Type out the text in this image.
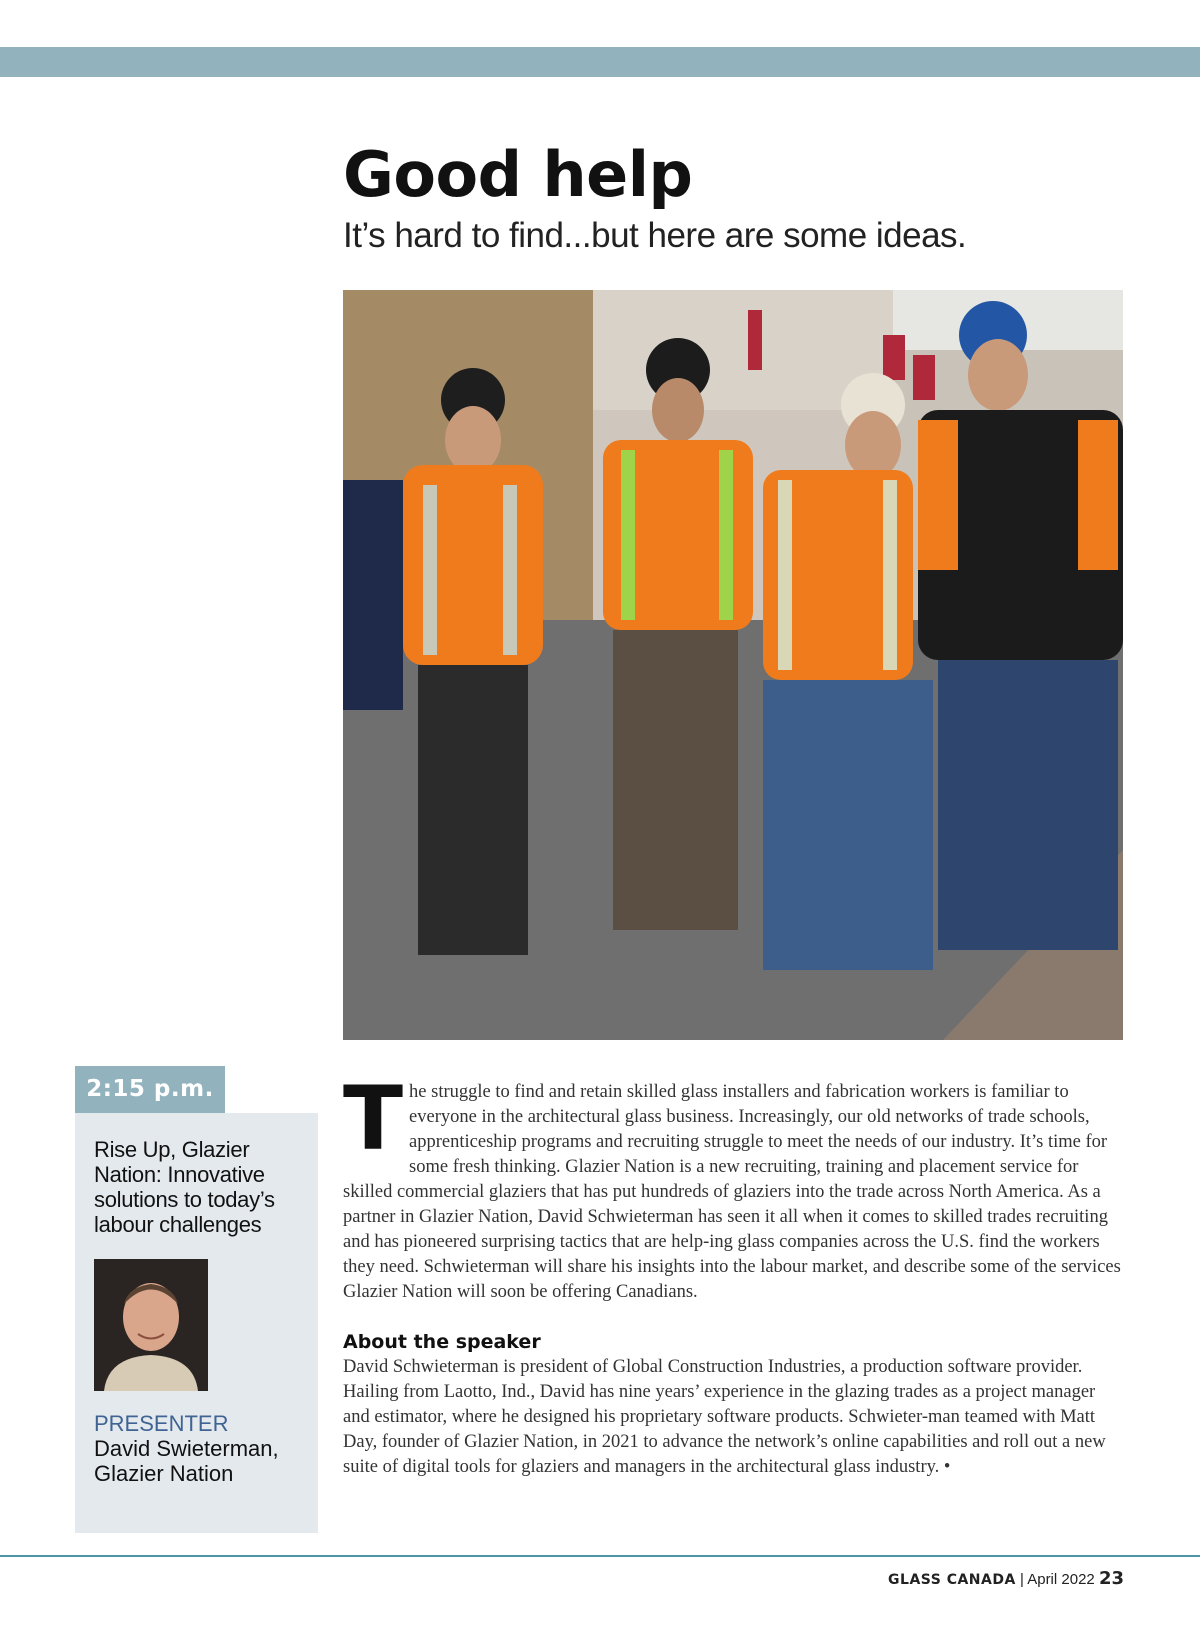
Good help
It’s hard to find...but here are some ideas.
2:15 p.m.

Rise Up, Glazier Nation: Innovative solutions to today’s labour challenges

PRESENTER
David Swieterman, Glazier Nation

The struggle to find and retain skilled glass installers and fabrication workers is familiar to everyone in the architectural glass business. Increasingly, our old networks of trade schools, apprenticeship programs and recruiting struggle to meet the needs of our industry. It’s time for some fresh thinking. Glazier Nation is a new recruiting, training and placement service for skilled commercial glaziers that has put hundreds of glaziers into the trade across North America. As a partner in Glazier Nation, David Schwieterman has seen it all when it comes to skilled trades recruiting and has pioneered surprising tactics that are help-ing glass companies across the U.S. find the workers they need. Schwieterman will share his insights into the labour market, and describe some of the services Glazier Nation will soon be offering Canadians.

About the speaker

David Schwieterman is president of Global Construction Industries, a production software provider. Hailing from Laotto, Ind., David has nine years’ experience in the glazing trades as a project manager and estimator, where he designed his proprietary software products. Schwieter-man teamed with Matt Day, founder of Glazier Nation, in 2021 to advance the network’s online capabilities and roll out a new suite of digital tools for glaziers and managers in the architectural glass industry. •

GLASS CANADA | April 2022 23
